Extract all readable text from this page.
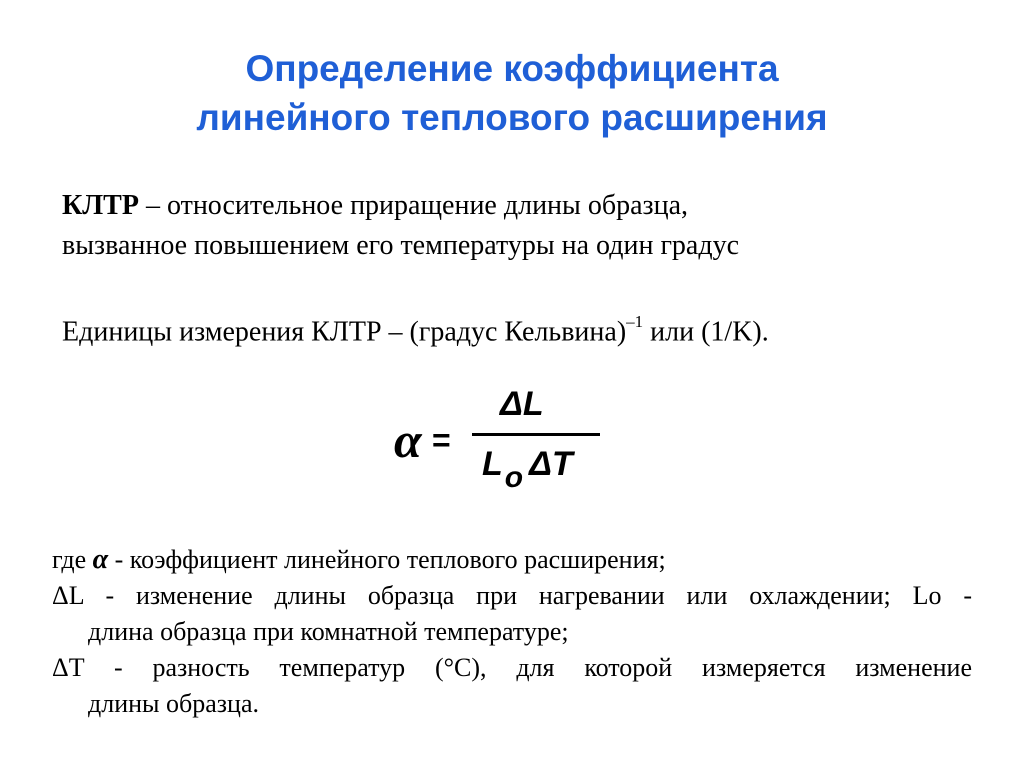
Определение коэффициента
линейного теплового расширения

КЛТР – относительное приращение длины образца,

вызванное повышением его температуры на один градус

Единицы измерения КЛТР – (градус Кельвина)$^{-1}$ или (1/K).
α =
ΔL
Lo ΔT
где α - коэффициент линейного теплового расширения;
ΔL - изменение длины образца при нагревании или охлаждении; Lo -
длина образца при комнатной температуре;
ΔT - разность температур (°С), для которой измеряется изменение
длины образца.
